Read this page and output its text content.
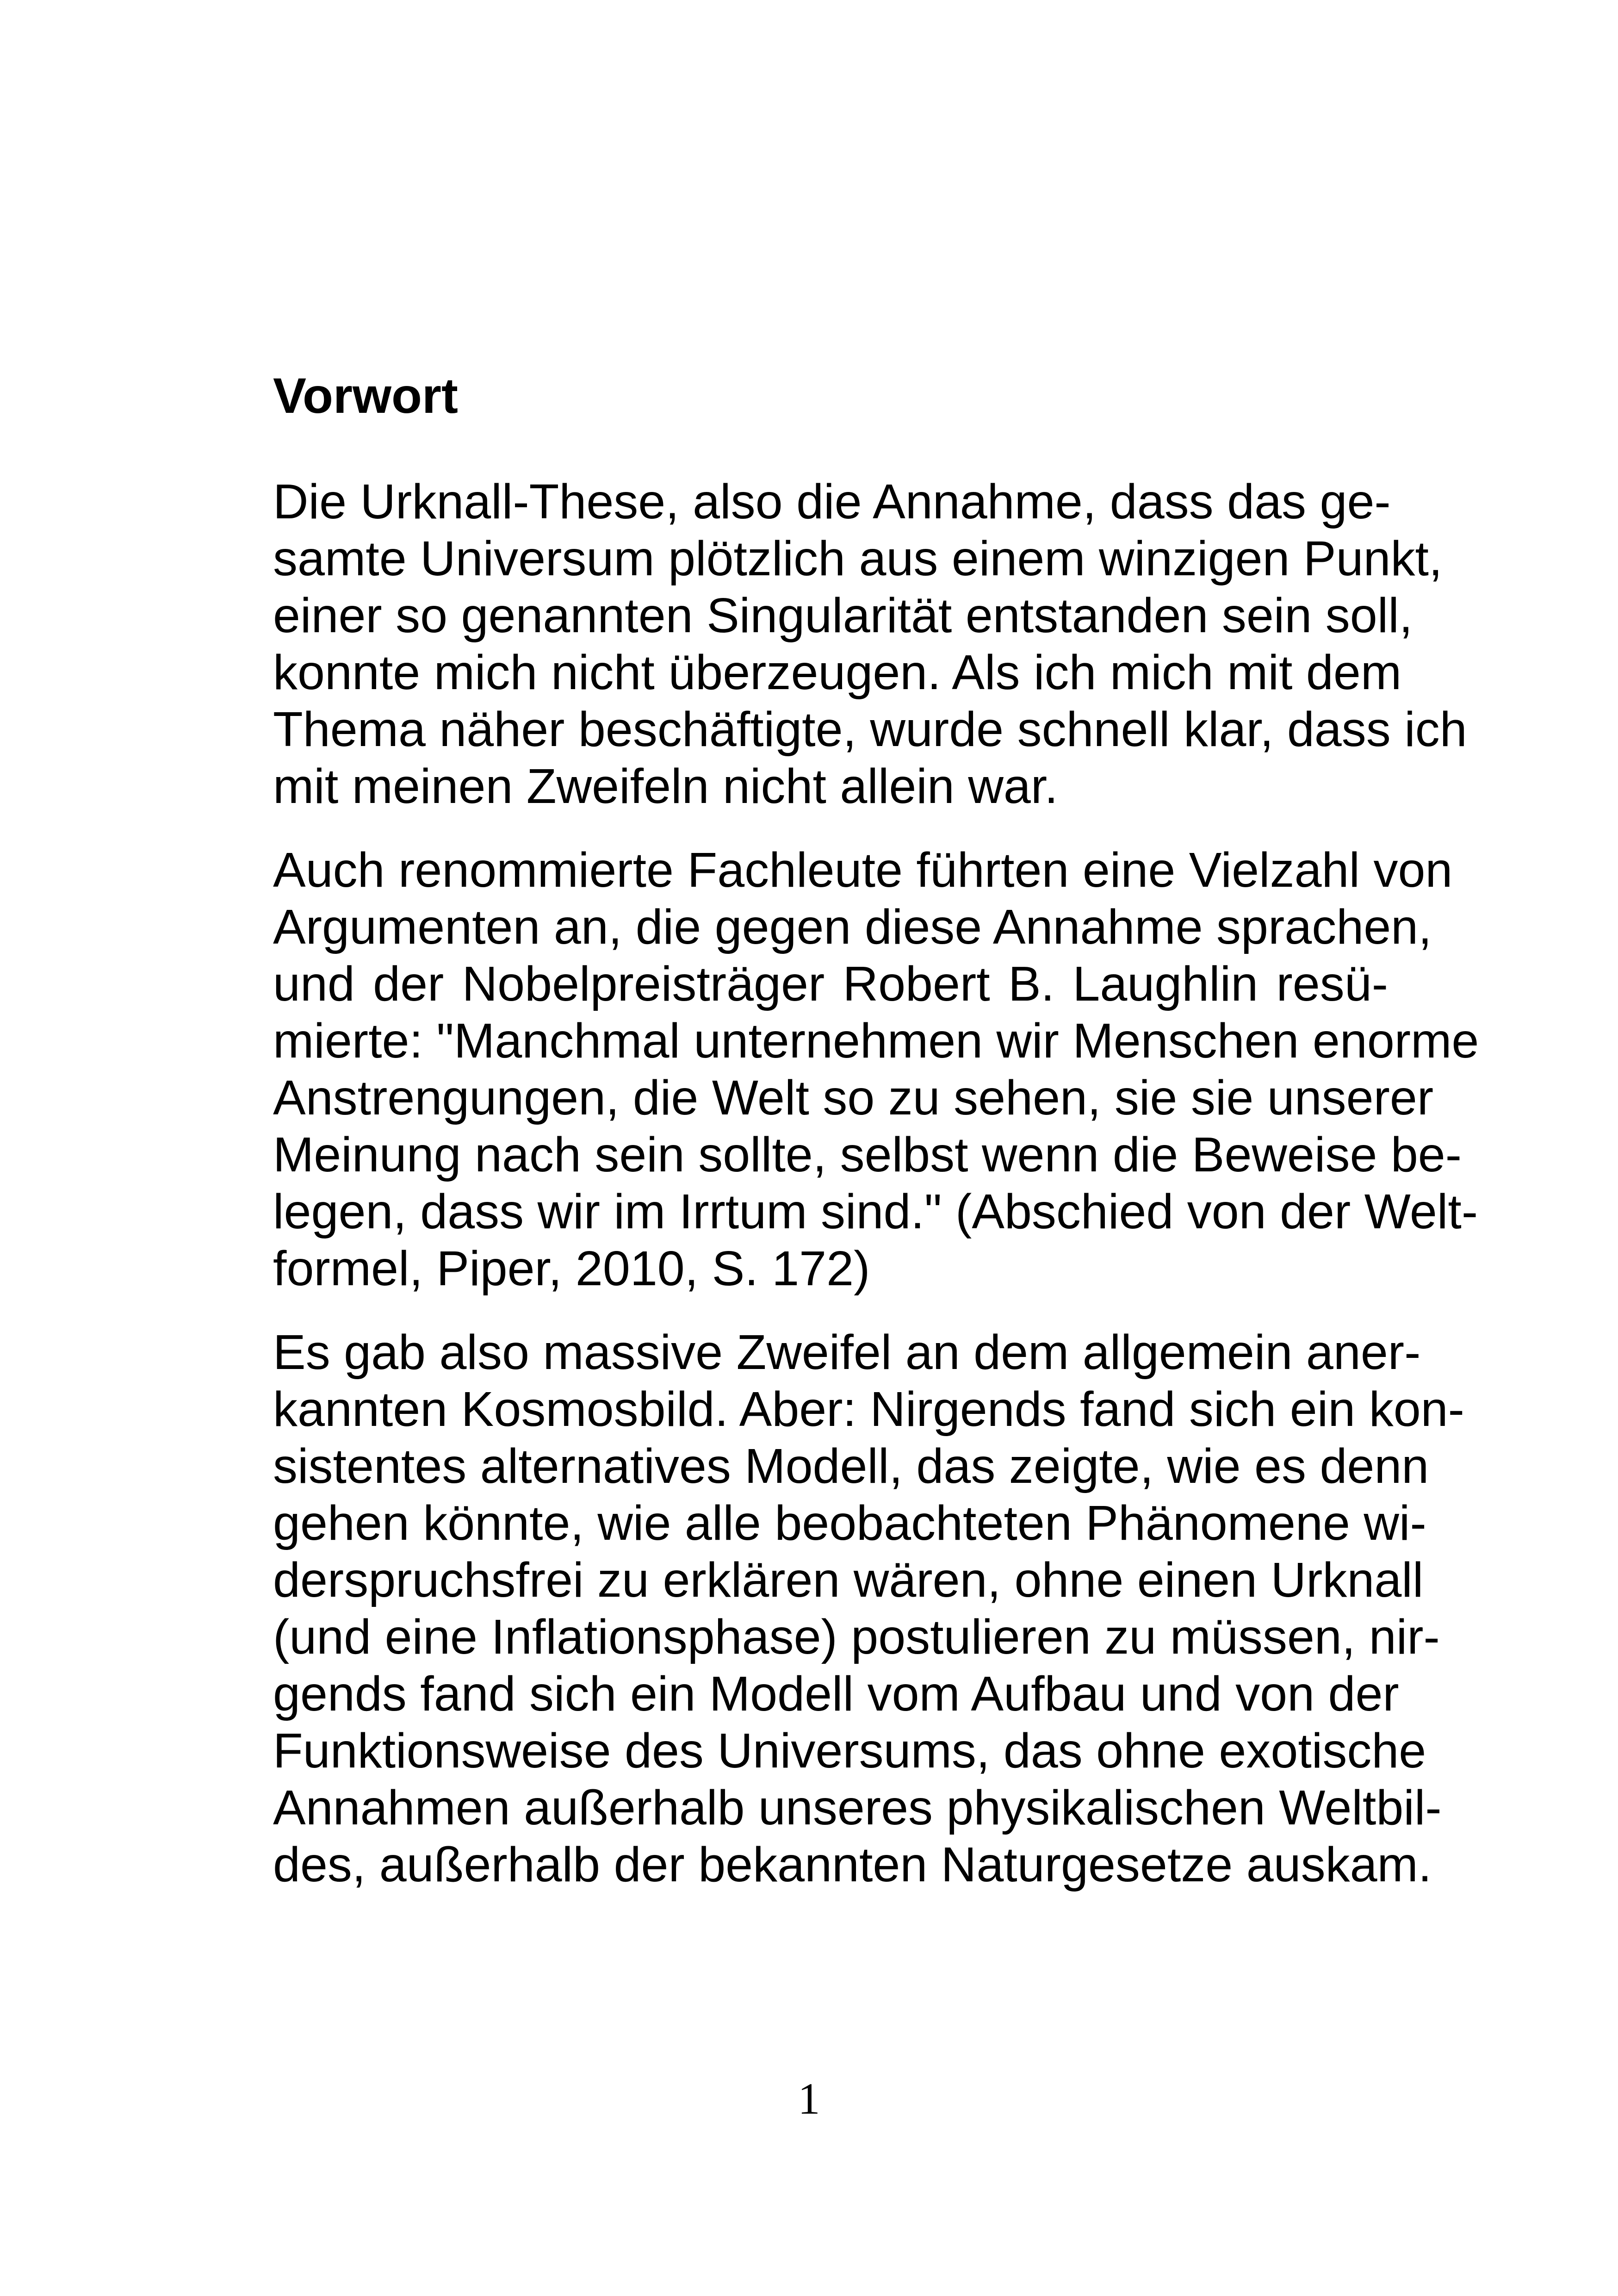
Vorwort
Die Urknall-These, also die Annahme, dass das ge-
samte Universum plötzlich aus einem winzigen Punkt,
einer so genannten Singularität entstanden sein soll,
konnte mich nicht überzeugen. Als ich mich mit dem
Thema näher beschäftigte, wurde schnell klar, dass ich
mit meinen Zweifeln nicht allein war.
Auch renommierte Fachleute führten eine Vielzahl von
Argumenten an, die gegen diese Annahme sprachen,
und der Nobelpreisträger Robert B. Laughlin resü-
mierte: "Manchmal unternehmen wir Menschen enorme
Anstrengungen, die Welt so zu sehen, sie sie unserer
Meinung nach sein sollte, selbst wenn die Beweise be-
legen, dass wir im Irrtum sind." (Abschied von der Welt-
formel, Piper, 2010, S. 172)
Es gab also massive Zweifel an dem allgemein aner-
kannten Kosmosbild. Aber: Nirgends fand sich ein kon-
sistentes alternatives Modell, das zeigte, wie es denn
gehen könnte, wie alle beobachteten Phänomene wi-
derspruchsfrei zu erklären wären, ohne einen Urknall
(und eine Inflationsphase) postulieren zu müssen, nir-
gends fand sich ein Modell vom Aufbau und von der
Funktionsweise des Universums, das ohne exotische
Annahmen außerhalb unseres physikalischen Weltbil-
des, außerhalb der bekannten Naturgesetze auskam.
1
